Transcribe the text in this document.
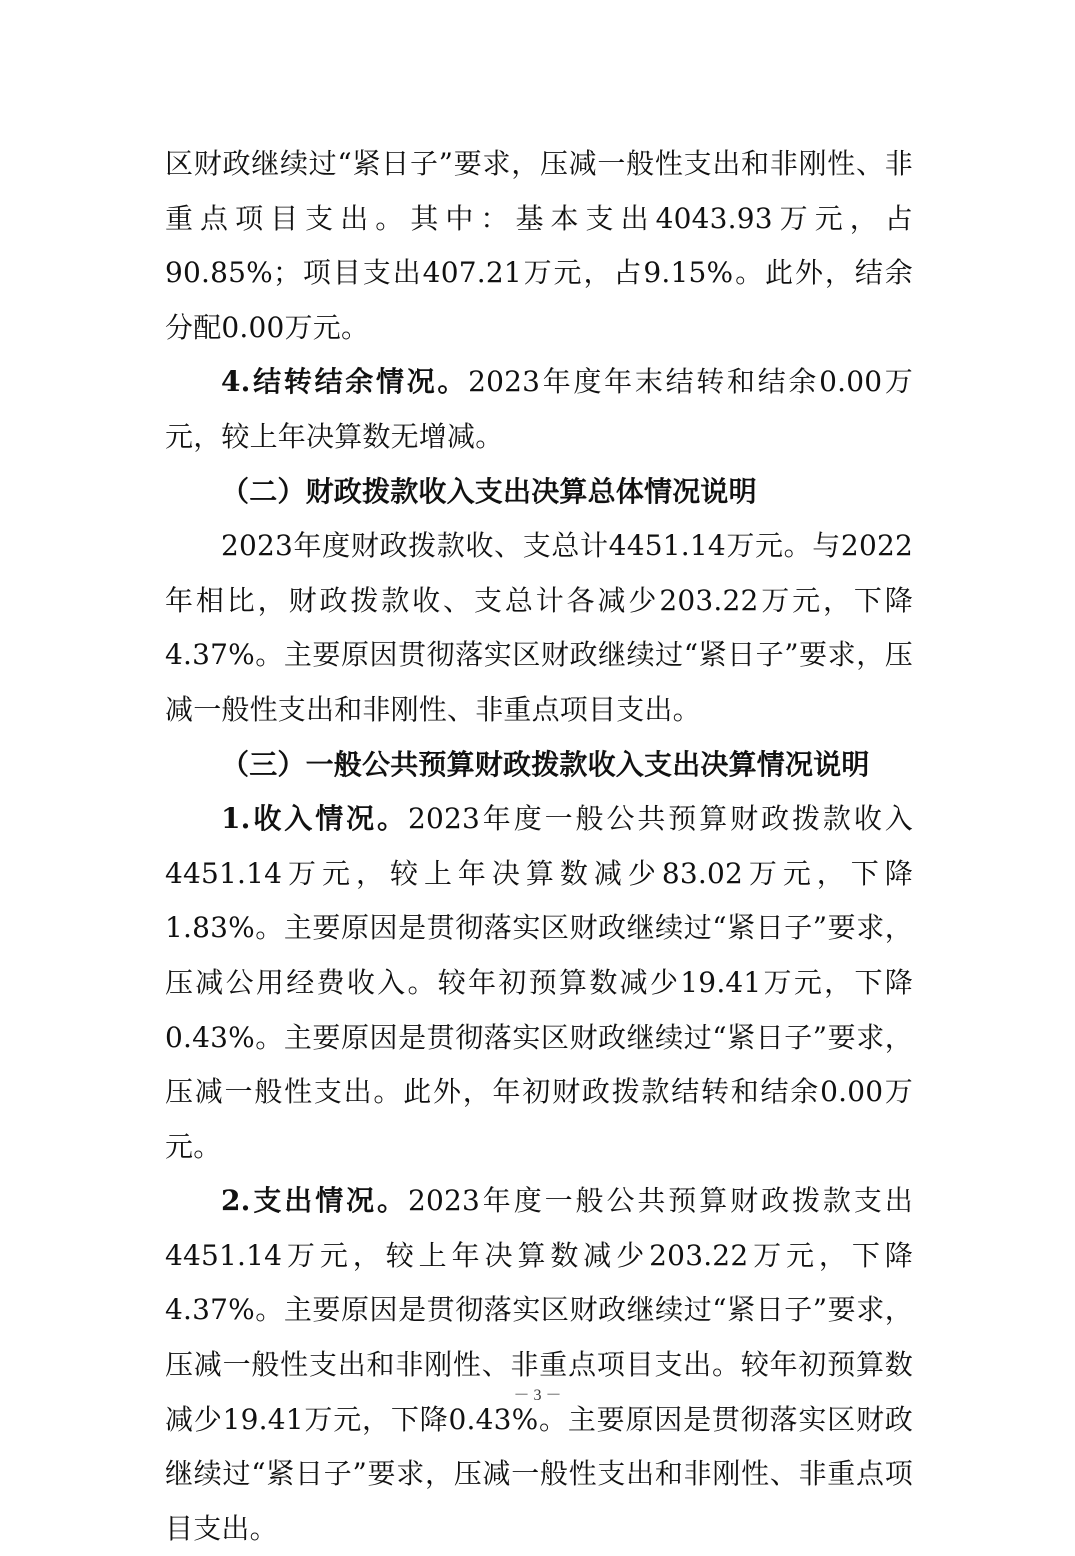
区财政继续过“紧日子”要求，压减一般性支出和非刚性、非重点项目支出。其中：基本支出4043.93万元，占90.85%；项目支出407.21万元，占9.15%。此外，结余分配0.00万元。

4.结转结余情况。2023年度年末结转和结余0.00万元，较上年决算数无增减。

（二）财政拨款收入支出决算总体情况说明

2023年度财政拨款收、支总计4451.14万元。与2022年相比，财政拨款收、支总计各减少203.22万元，下降4.37%。主要原因贯彻落实区财政继续过“紧日子”要求，压减一般性支出和非刚性、非重点项目支出。

（三）一般公共预算财政拨款收入支出决算情况说明

1.收入情况。2023年度一般公共预算财政拨款收入4451.14万元，较上年决算数减少83.02万元，下降1.83%。主要原因是贯彻落实区财政继续过“紧日子”要求，压减公用经费收入。较年初预算数减少19.41万元，下降0.43%。主要原因是贯彻落实区财政继续过“紧日子”要求，压减一般性支出。此外，年初财政拨款结转和结余0.00万元。

2.支出情况。2023年度一般公共预算财政拨款支出4451.14万元，较上年决算数减少203.22万元，下降4.37%。主要原因是贯彻落实区财政继续过“紧日子”要求，压减一般性支出和非刚性、非重点项目支出。较年初预算数减少19.41万元，下降0.43%。主要原因是贯彻落实区财政继续过“紧日子”要求，压减一般性支出和非刚性、非重点项目支出。

－ 3 －
